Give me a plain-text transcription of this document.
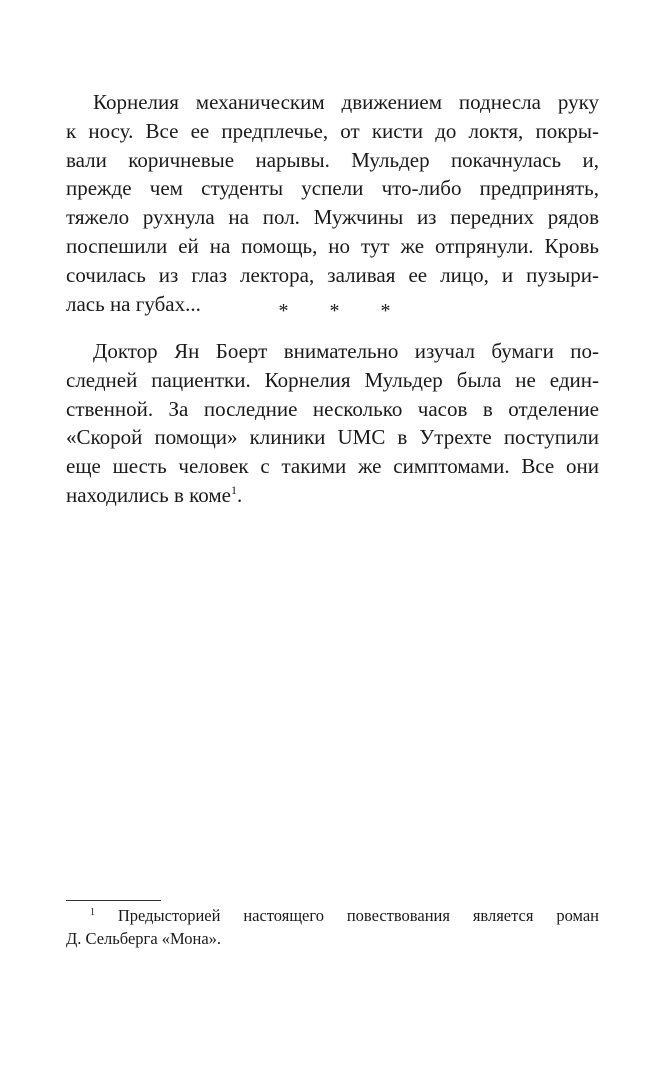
Корнелия механическим движением поднесла руку
к носу. Все ее предплечье, от кисти до локтя, покры-
вали коричневые нарывы. Мульдер покачнулась и,
прежде чем студенты успели что-либо предпринять,
тяжело рухнула на пол. Мужчины из передних рядов
поспешили ей на помощь, но тут же отпрянули. Кровь
сочилась из глаз лектора, заливая ее лицо, и пузыри-
лась на губах...	* * *
Доктор Ян Боерт внимательно изучал бумаги по-
следней пациентки. Корнелия Мульдер была не един-
ственной. За последние несколько часов в отделение
«Скорой помощи» клиники UMC в Утрехте поступили
еще шесть человек с такими же симптомами. Все они
находились в коме$^1$.
$^1$ Предысторией настоящего повествования является роман
Д. Сельберга «Мона».
